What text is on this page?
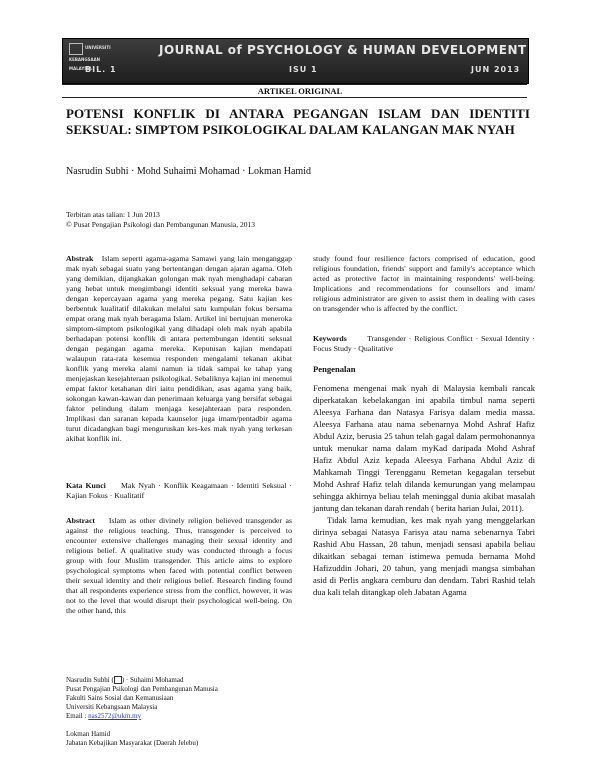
UNIVERSITI KEBANGSAAN MALAYSIA
JOURNAL of PSYCHOLOGY & HUMAN DEVELOPMENT
BIL. 1	ISU 1	JUN 2013
ARTIKEL ORIGINAL
POTENSI KONFLIK DI ANTARA PEGANGAN ISLAM DAN IDENTITI SEKSUAL: SIMPTOM PSIKOLOGIKAL DALAM KALANGAN MAK NYAH
Nasrudin Subhi · Mohd Suhaimi Mohamad · Lokman Hamid
Terbitan atas talian: 1 Jun 2013
© Pusat Pengajian Psikologi dan Pembangunan Manusia, 2013

Abstrak Islam seperti agama-agama Samawi yang lain menganggap mak nyah sebagai suatu yang bertentangan dengan ajaran agama. Oleh yang demikian, dijangkakan golongan mak nyah menghadapi cabaran yang hebat untuk mengimbangi identiti seksual yang mereka bawa dengan kepercayaan agama yang mereka pegang. Satu kajian kes berbentuk kualitatif dilakukan melalui satu kumpulan fokus bersama empat orang mak nyah beragama Islam. Artikel ini bertujuan meneroka simptom-simptom psikologikal yang dihadapi oleh mak nyah apabila berhadapan potensi konflik di antara pertembungan identiti seksual dengan pegangan agama mereka. Keputusan kajian mendapati walaupun rata-rata kesemua responden mengalami tekanan akibat konflik yang mereka alami namun ia tidak sampai ke tahap yang menjejaskan kesejahteraan psikologikal. Sebaliknya kajian ini menemui empat faktor ketahanan diri iaitu pendidikan, asas agama yang baik, sokongan kawan-kawan dan penerimaan keluarga yang bersifat sebagai faktor pelindung dalam menjaga kesejahteraan para responden. Implikasi dan saranan kepada kaunselor juga imam/pentadbir agama turut dicadangkan bagi menguruskan kes-kes mak nyah yang terkesan akibat konflik ini.

Kata Kunci Mak Nyah · Konflik Keagamaan · Identiti Seksual · Kajian Fokus · Kualitatif

Abstract Islam as other divinely religion believed transgender as against the religious teaching. Thus, transgender is perceived to encounter extensive challenges managing their sexual identity and religious belief. A qualitative study was conducted through a focus group with four Muslim transgender. This article aims to explore psychological symptoms when faced with potential conflict between their sexual identity and their religious belief. Research finding found that all respondents experience stress from the conflict, however, it was not to the level that would disrupt their psychological well-being. On the other hand, this

study found four resilience factors comprised of education, good religious foundation, friends' support and family's acceptance which acted as protective factor in maintaining respondents' well-being. Implications and recommendations for counsellors and imam/ religious administrator are given to assist them in dealing with cases on transgender who is affected by the conflict.

Keywords	Transgender · Religious Conflict · Sexual Identity · Focus Study · Qualitative

Pengenalan

Fenomena mengenai mak nyah di Malaysia kembali rancak diperkatakan kebelakangan ini apabila timbul nama seperti Aleesya Farhana dan Natasya Farisya dalam media massa. Aleesya Farhana atau nama sebenarnya Mohd Ashraf Hafiz Abdul Aziz, berusia 25 tahun telah gagal dalam permohonannya untuk menukar nama dalam myKad daripada Mohd Ashraf Hafiz Abdul Aziz kepada Aleesya Farhana Abdul Aziz di Mahkamah Tinggi Terengganu Remetan kegagalan tersebut Mohd Ashraf Hafiz telah dilanda kemurungan yang melampau sehingga akhirnya beliau telah meninggal dunia akibat masalah jantung dan tekanan darah rendah ( berita harian Julai, 2011).

Tidak lama kemudian, kes mak nyah yang menggelarkan dirinya sebagai Natasya Farisya atau nama sebenarnya Tabri Rashid Abu Hassan, 28 tahun, menjadi sensasi apabila beliau dikaitkan sebagai teman istimewa pemuda bernama Mohd Hafizuddin Johari, 20 tahun, yang menjadi mangsa simbahan asid di Perlis angkara cemburu dan dendam. Tabri Rashid telah dua kali telah ditangkap oleh Jabatan Agama

Nasrudin Subhi ( ) · Suhaimi Mohamad
Pusat Pengajian Psikologi dan Pembangunan Manusia
Fakulti Sains Sosial dan Kemanusiaan
Universiti Kebangsaan Malaysia
Email : nas2572@ukm.my
Lokman Hamid
Jabatan Kebajikan Masyarakat (Daerah Jelebu)
